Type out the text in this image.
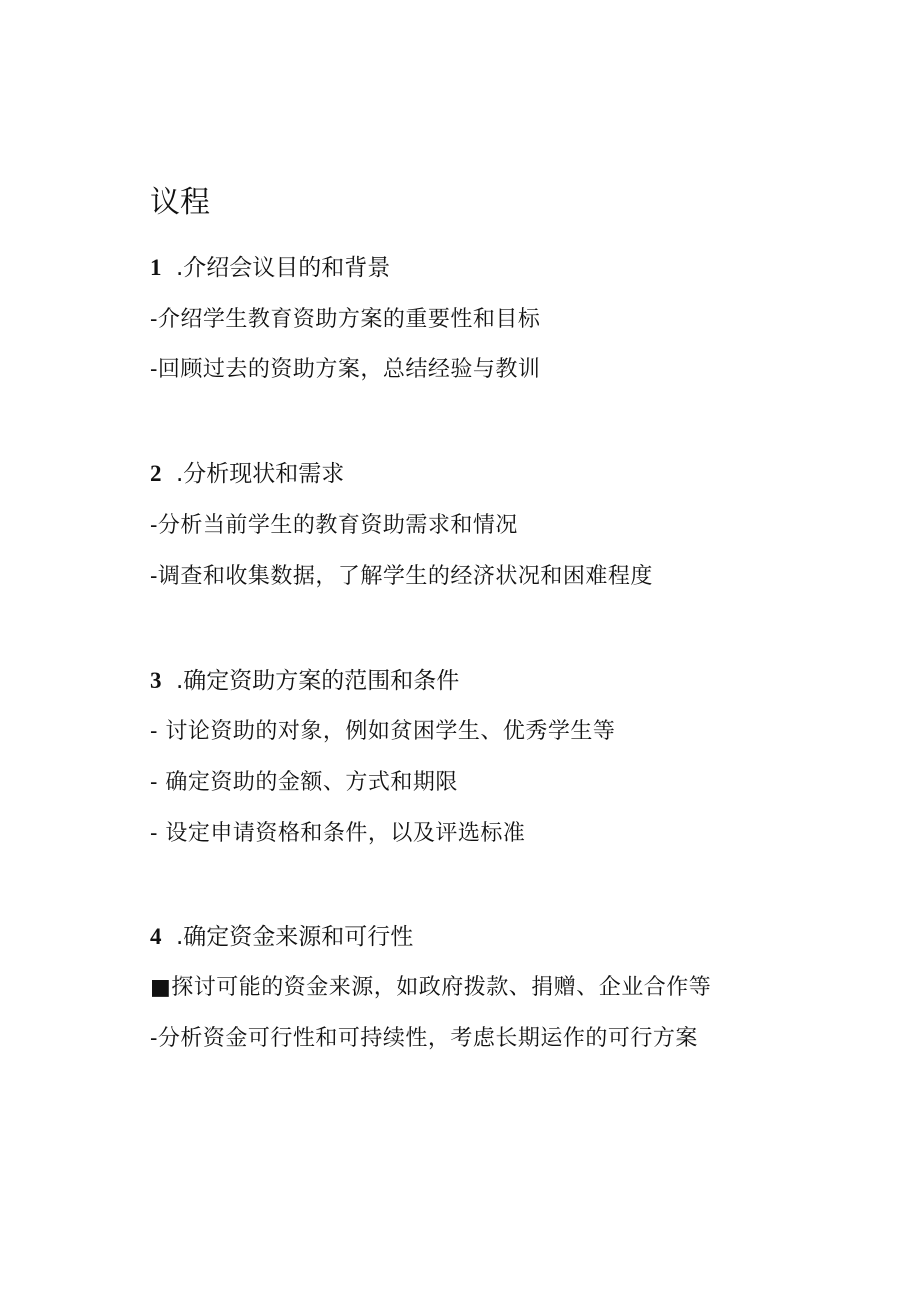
议程
1 .介绍会议目的和背景

-介绍学生教育资助方案的重要性和目标

-回顾过去的资助方案，总结经验与教训

2 .分析现状和需求

-分析当前学生的教育资助需求和情况

-调查和收集数据，了解学生的经济状况和困难程度

3 .确定资助方案的范围和条件

- 讨论资助的对象，例如贫困学生、优秀学生等

- 确定资助的金额、方式和期限

- 设定申请资格和条件，以及评选标准

4 .确定资金来源和可行性

■探讨可能的资金来源，如政府拨款、捐赠、企业合作等

-分析资金可行性和可持续性，考虑长期运作的可行方案
